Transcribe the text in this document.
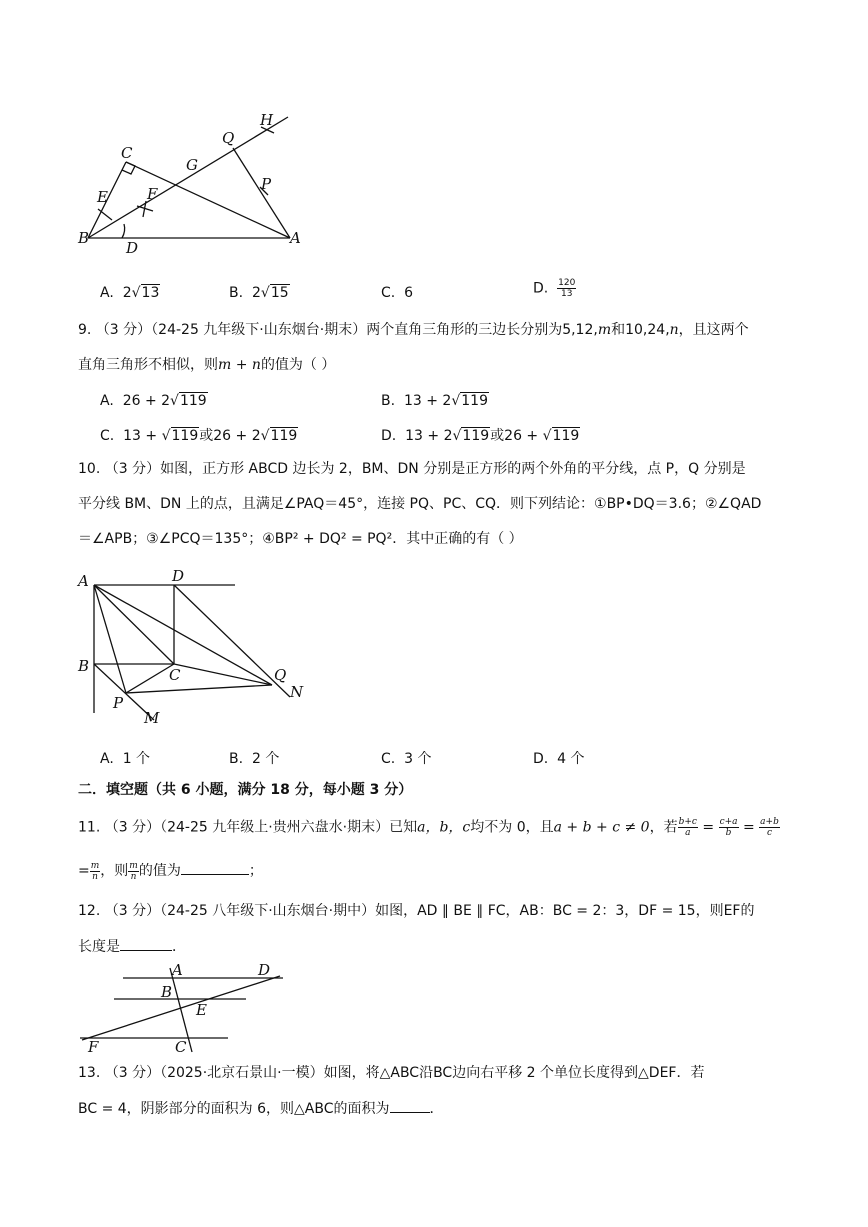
C
E	F
G
Q
H
P
B
D
A
A. 2√13	B. 2√15	C. 6	D. $\frac{120}{13}$
9. （3 分）（24-25 九年级下·山东烟台·期末）两个直角三角形的三边长分别为5,12,m和10,24,n，且这两个
直角三角形不相似，则m + n的值为（ ）
A. 26 + 2√119	B. 13 + 2√119
C. 13 + √119或26 + 2√119	D. 13 + 2√119或26 + √119
10. （3 分）如图，正方形 ABCD 边长为 2，BM、DN 分别是正方形的两个外角的平分线，点 P，Q 分别是
平分线 BM、DN 上的点，且满足∠PAQ＝45°，连接 PQ、PC、CQ．则下列结论：①BP•DQ＝3.6；②∠QAD
＝∠APB；③∠PCQ＝135°；④BP² + DQ² = PQ²．其中正确的有（ ）
A	D
B	C	Q
N
P
M
A. 1 个	B. 2 个	C. 3 个	D. 4 个
二．填空题（共 6 小题，满分 18 分，每小题 3 分）
11. （3 分）（24-25 九年级上·贵州六盘水·期末）已知a，b，c均不为 0，且a + b + c ≠ 0，若 $\frac{b+c}{a} = \frac{c+a}{b} = \frac{a+b}{c}$
= $\frac{m}{n}$ ，则 $\frac{m}{n}$ 的值为	；
12. （3 分）（24-25 八年级下·山东烟台·期中）如图，AD ∥ BE ∥ FC，AB：BC = 2：3，DF = 15，则EF的
长度是	．
A	D
B
E
F	C
13. （3 分）（2025·北京石景山·一模）如图，将△ABC沿BC边向右平移 2 个单位长度得到△DEF．若
BC = 4，阴影部分的面积为 6，则△ABC的面积为	．
